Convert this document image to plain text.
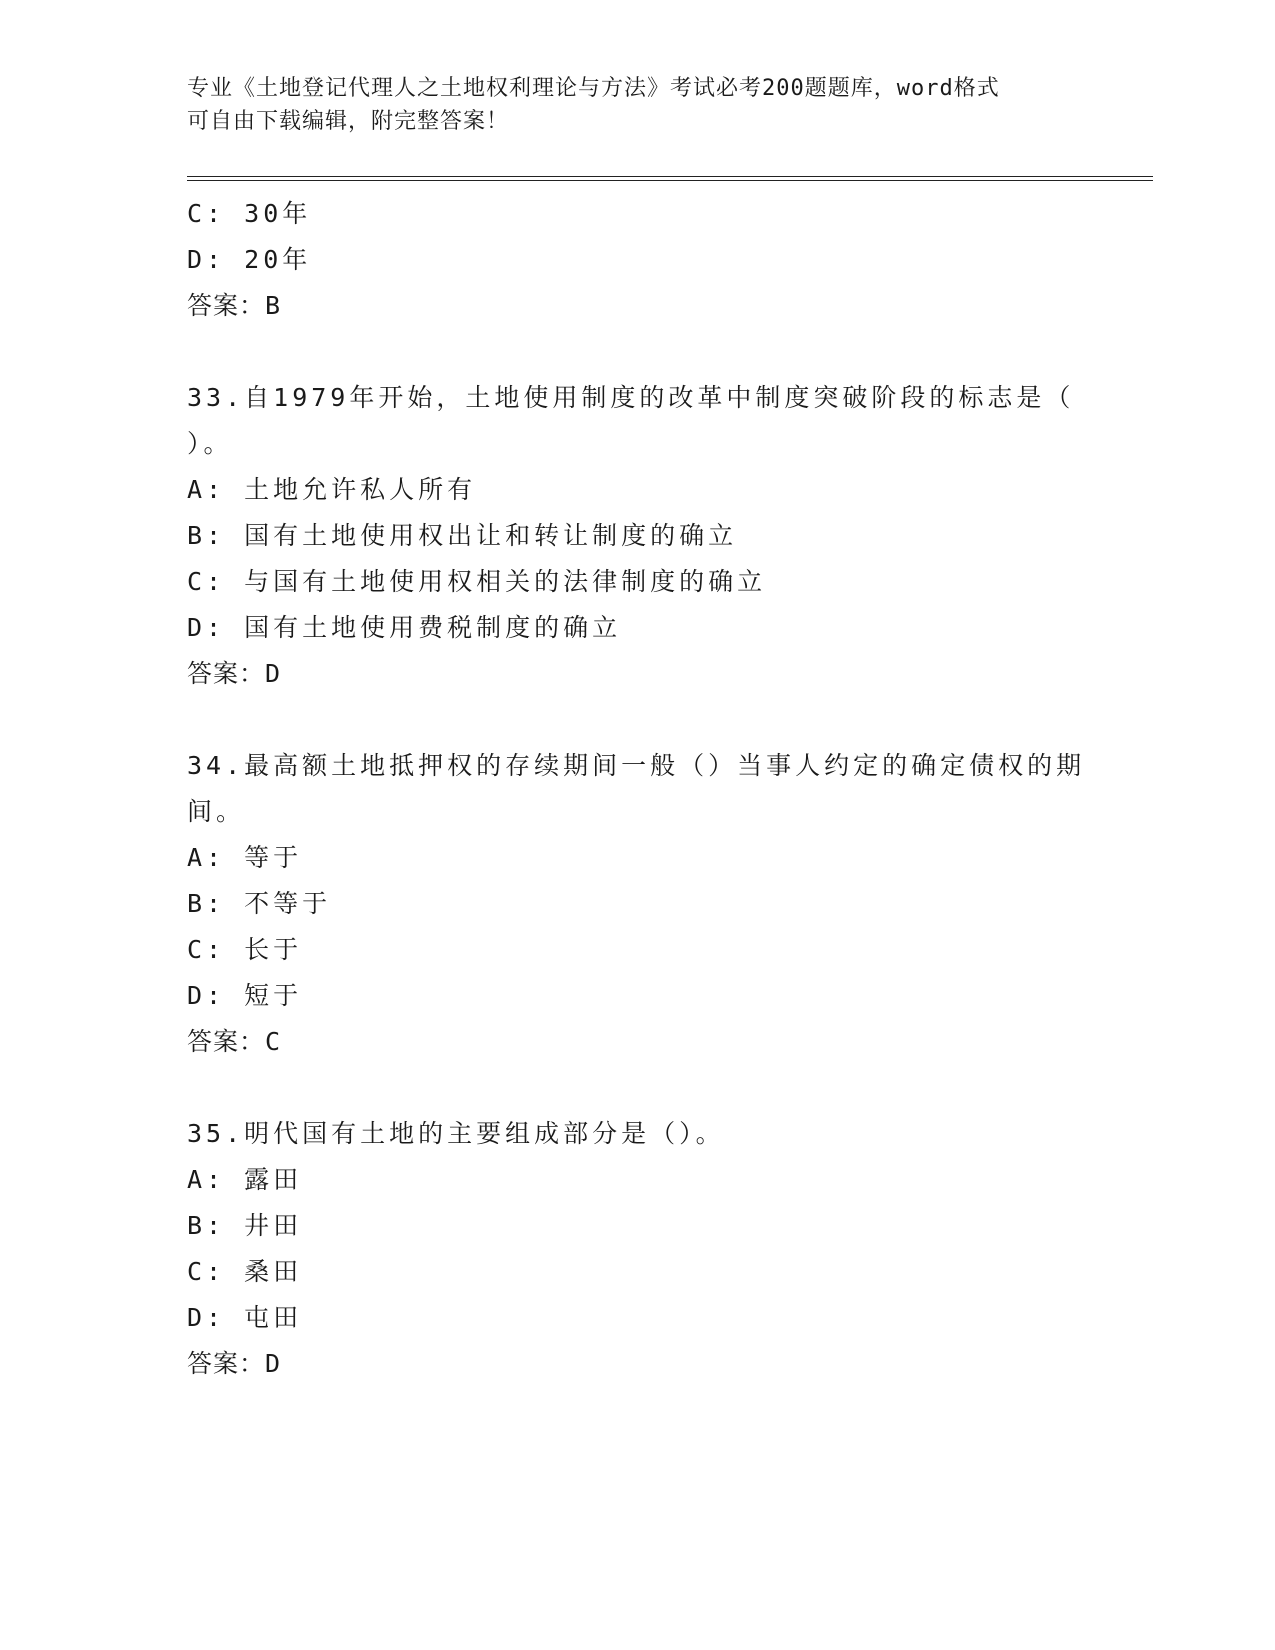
专业《土地登记代理人之土地权利理论与方法》考试必考200题题库，word格式
可自由下载编辑，附完整答案！
C: 30年
D: 20年
答案：B
33.自1979年开始，土地使用制度的改革中制度突破阶段的标志是（
）。
A: 土地允许私人所有
B: 国有土地使用权出让和转让制度的确立
C: 与国有土地使用权相关的法律制度的确立
D: 国有土地使用费税制度的确立
答案：D
34.最高额土地抵押权的存续期间一般（）当事人约定的确定债权的期
间。
A: 等于
B: 不等于
C: 长于
D: 短于
答案：C
35.明代国有土地的主要组成部分是（）。
A: 露田
B: 井田
C: 桑田
D: 屯田
答案：D
